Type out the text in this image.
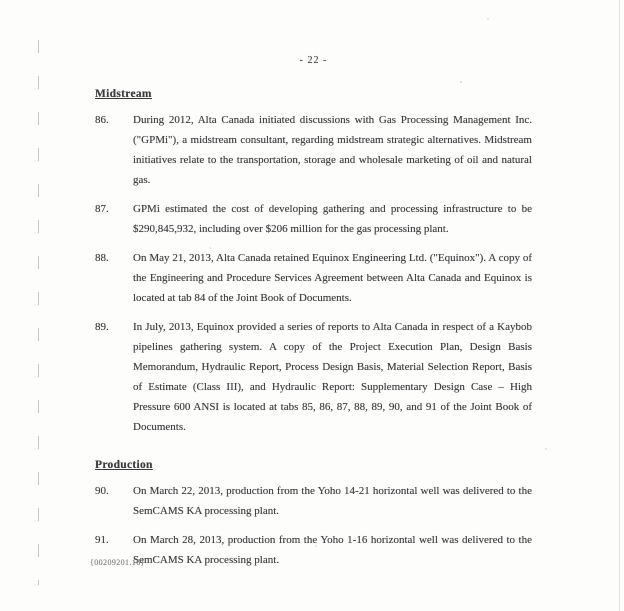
- 22 -
Midstream
86.	During 2012, Alta Canada initiated discussions with Gas Processing Management Inc. ("GPMi"), a midstream consultant, regarding midstream strategic alternatives. Midstream initiatives relate to the transportation, storage and wholesale marketing of oil and natural gas.
87.	GPMi estimated the cost of developing gathering and processing infrastructure to be $290,845,932, including over $206 million for the gas processing plant.
88.	On May 21, 2013, Alta Canada retained Equinox Engineering Ltd. ("Equinox"). A copy of the Engineering and Procedure Services Agreement between Alta Canada and Equinox is located at tab 84 of the Joint Book of Documents.
89.	In July, 2013, Equinox provided a series of reports to Alta Canada in respect of a Kaybob pipelines gathering system. A copy of the Project Execution Plan, Design Basis Memorandum, Hydraulic Report, Process Design Basis, Material Selection Report, Basis of Estimate (Class III), and Hydraulic Report: Supplementary Design Case – High Pressure 600 ANSI is located at tabs 85, 86, 87, 88, 89, 90, and 91 of the Joint Book of Documents.
Production
90.	On March 22, 2013, production from the Yoho 14-21 horizontal well was delivered to the SemCAMS KA processing plant.
91.	On March 28, 2013, production from the Yoho 1-16 horizontal well was delivered to the SemCAMS KA processing plant.
{00209201.16}
